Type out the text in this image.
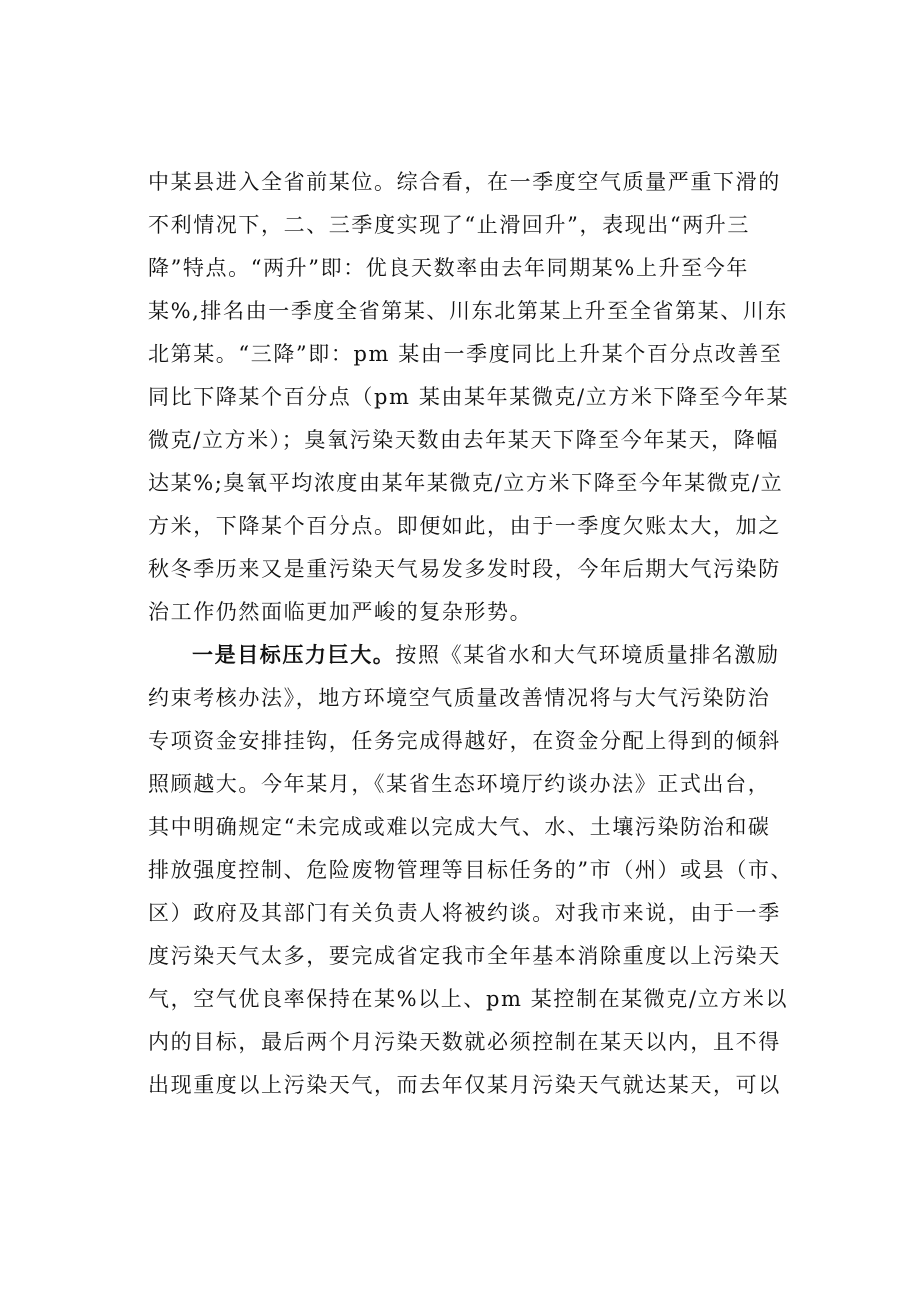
中某县进入全省前某位。综合看，在一季度空气质量严重下滑的
不利情况下，二、三季度实现了“止滑回升”，表现出“两升三
降”特点。“两升”即：优良天数率由去年同期某%上升至今年
某%,排名由一季度全省第某、川东北第某上升至全省第某、川东
北第某。“三降”即：pm 某由一季度同比上升某个百分点改善至
同比下降某个百分点（pm 某由某年某微克/立方米下降至今年某
微克/立方米）；臭氧污染天数由去年某天下降至今年某天，降幅
达某%;臭氧平均浓度由某年某微克/立方米下降至今年某微克/立
方米，下降某个百分点。即便如此，由于一季度欠账太大，加之
秋冬季历来又是重污染天气易发多发时段，今年后期大气污染防
治工作仍然面临更加严峻的复杂形势。
一是目标压力巨大。按照《某省水和大气环境质量排名激励
约束考核办法》，地方环境空气质量改善情况将与大气污染防治
专项资金安排挂钩，任务完成得越好，在资金分配上得到的倾斜
照顾越大。今年某月，《某省生态环境厅约谈办法》正式出台，
其中明确规定“未完成或难以完成大气、水、土壤污染防治和碳
排放强度控制、危险废物管理等目标任务的”市（州）或县（市、
区）政府及其部门有关负责人将被约谈。对我市来说，由于一季
度污染天气太多，要完成省定我市全年基本消除重度以上污染天
气，空气优良率保持在某%以上、pm 某控制在某微克/立方米以
内的目标，最后两个月污染天数就必须控制在某天以内，且不得
出现重度以上污染天气，而去年仅某月污染天气就达某天，可以
